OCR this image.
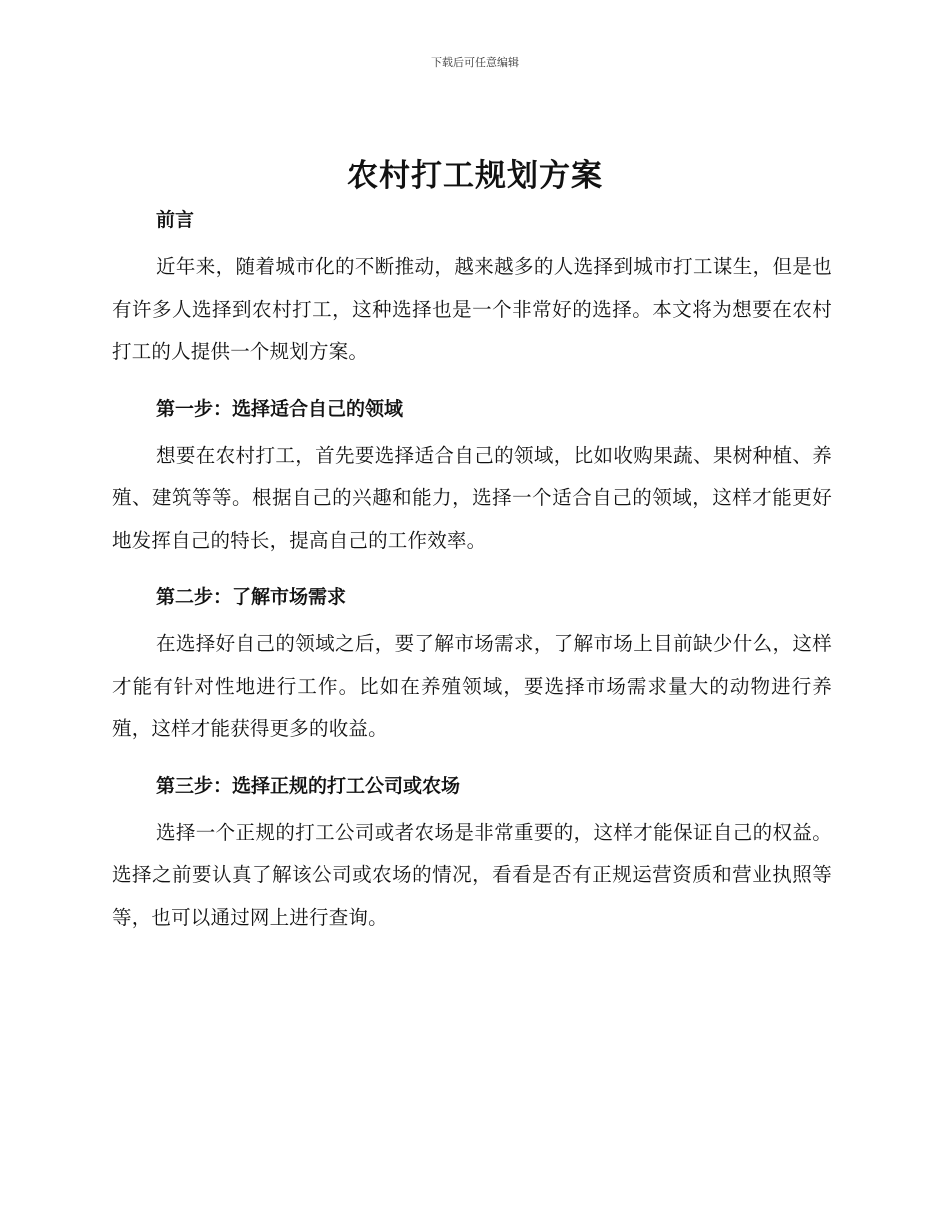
下载后可任意编辑
农村打工规划方案
前言

近年来，随着城市化的不断推动，越来越多的人选择到城市打工谋生，但是也有许多人选择到农村打工，这种选择也是一个非常好的选择。本文将为想要在农村打工的人提供一个规划方案。

第一步：选择适合自己的领域

想要在农村打工，首先要选择适合自己的领域，比如收购果蔬、果树种植、养殖、建筑等等。根据自己的兴趣和能力，选择一个适合自己的领域，这样才能更好地发挥自己的特长，提高自己的工作效率。

第二步：了解市场需求

在选择好自己的领域之后，要了解市场需求，了解市场上目前缺少什么，这样才能有针对性地进行工作。比如在养殖领域，要选择市场需求量大的动物进行养殖，这样才能获得更多的收益。

第三步：选择正规的打工公司或农场

选择一个正规的打工公司或者农场是非常重要的，这样才能保证自己的权益。选择之前要认真了解该公司或农场的情况，看看是否有正规运营资质和营业执照等等，也可以通过网上进行查询。
